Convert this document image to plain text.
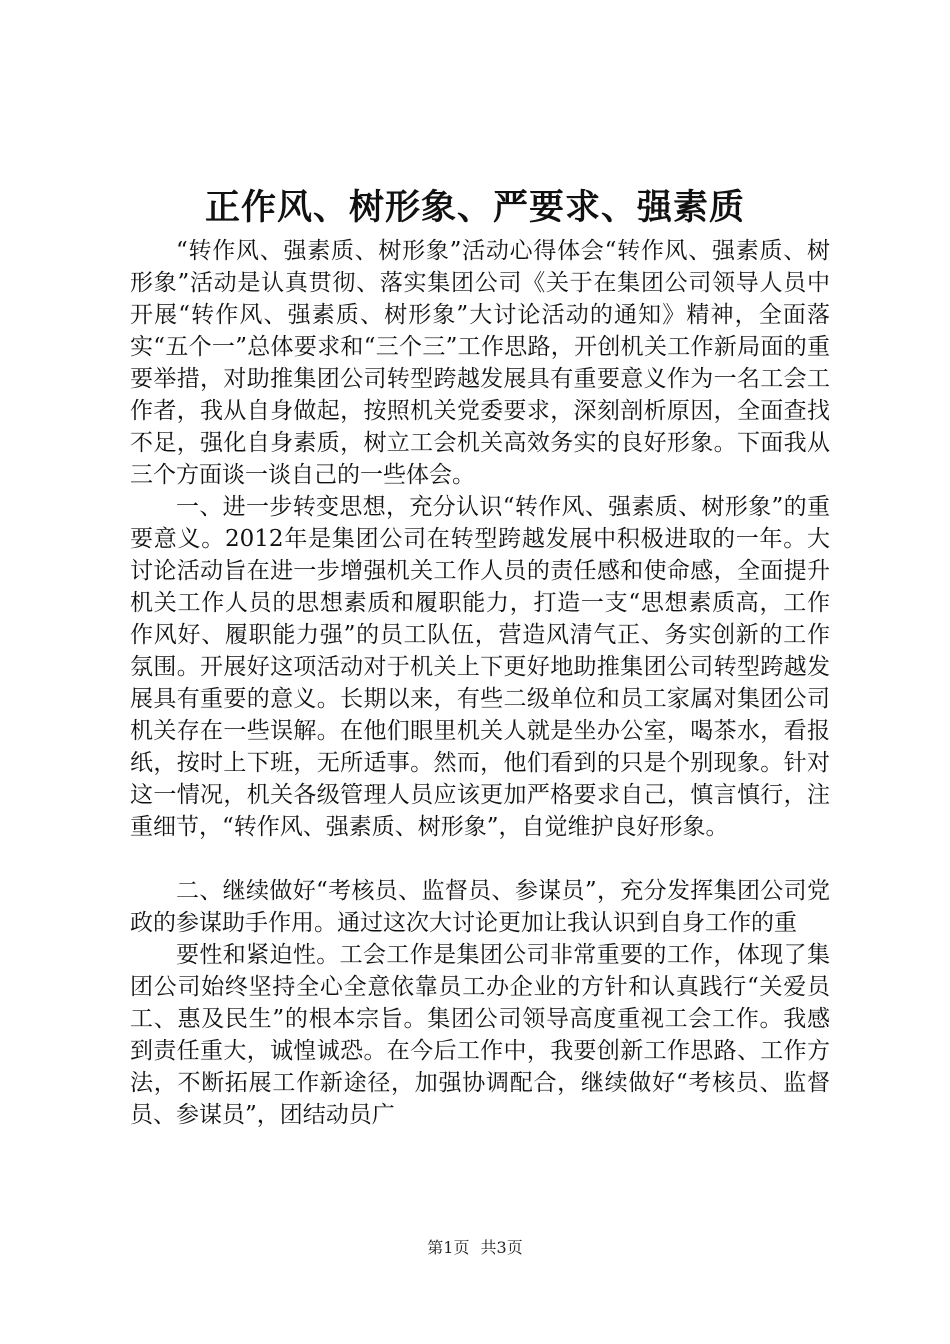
正作风、树形象、严要求、强素质

“转作风、强素质、树形象”活动心得体会“转作风、强素质、树形象”活动是认真贯彻、落实集团公司《关于在集团公司领导人员中开展“转作风、强素质、树形象”大讨论活动的通知》精神，全面落实“五个一”总体要求和“三个三”工作思路，开创机关工作新局面的重要举措，对助推集团公司转型跨越发展具有重要意义作为一名工会工作者，我从自身做起，按照机关党委要求，深刻剖析原因，全面查找不足，强化自身素质，树立工会机关高效务实的良好形象。下面我从三个方面谈一谈自己的一些体会。

一、进一步转变思想，充分认识“转作风、强素质、树形象”的重要意义。2012年是集团公司在转型跨越发展中积极进取的一年。大讨论活动旨在进一步增强机关工作人员的责任感和使命感，全面提升机关工作人员的思想素质和履职能力，打造一支“思想素质高，工作作风好、履职能力强”的员工队伍，营造风清气正、务实创新的工作氛围。开展好这项活动对于机关上下更好地助推集团公司转型跨越发展具有重要的意义。长期以来，有些二级单位和员工家属对集团公司机关存在一些误解。在他们眼里机关人就是坐办公室，喝茶水，看报纸，按时上下班，无所适事。然而，他们看到的只是个别现象。针对这一情况，机关各级管理人员应该更加严格要求自己，慎言慎行，注重细节，“转作风、强素质、树形象”，自觉维护良好形象。

二、继续做好“考核员、监督员、参谋员”，充分发挥集团公司党政的参谋助手作用。通过这次大讨论更加让我认识到自身工作的重

要性和紧迫性。工会工作是集团公司非常重要的工作，体现了集团公司始终坚持全心全意依靠员工办企业的方针和认真践行“关爱员工、惠及民生”的根本宗旨。集团公司领导高度重视工会工作。我感到责任重大，诚惶诚恐。在今后工作中，我要创新工作思路、工作方法，不断拓展工作新途径，加强协调配合，继续做好“考核员、监督员、参谋员”，团结动员广

第1页 共3页
